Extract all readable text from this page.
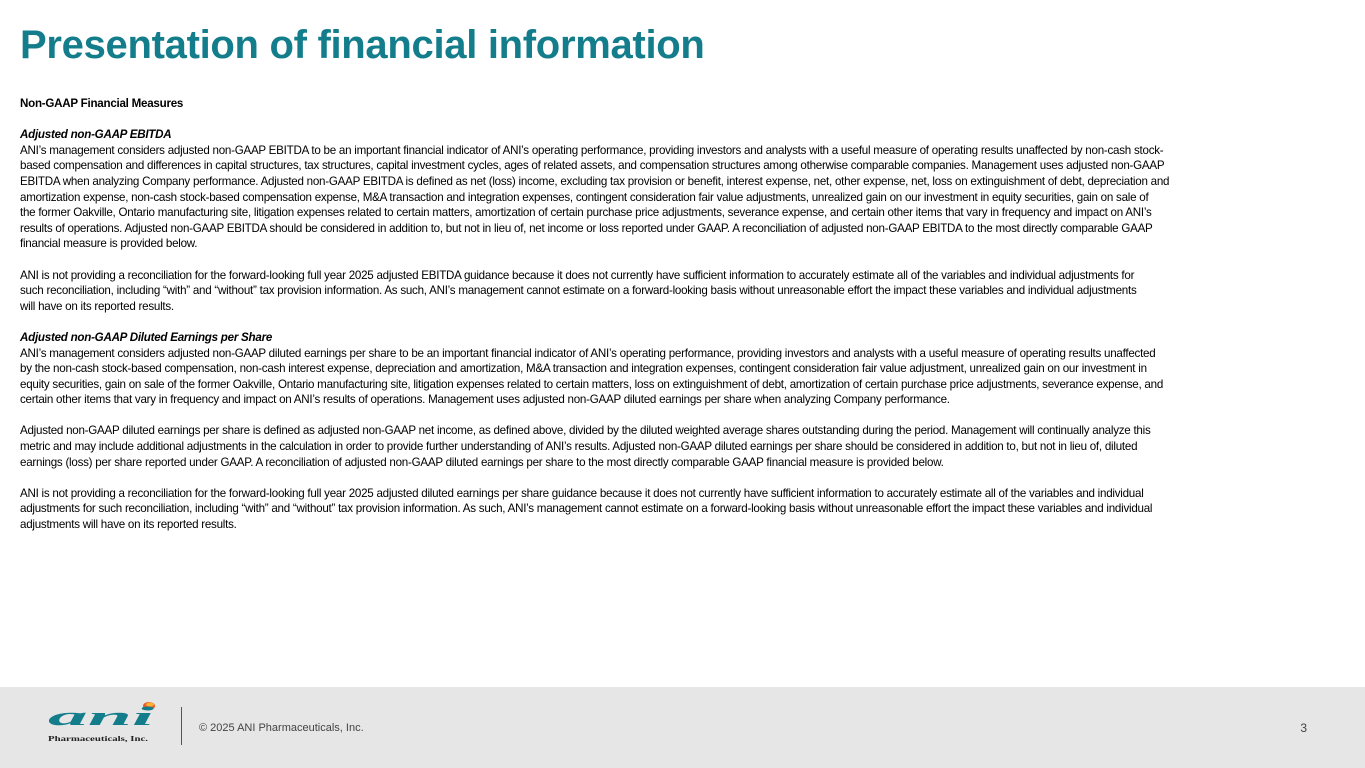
Presentation of financial information
Non-GAAP Financial Measures
Adjusted non-GAAP EBITDA
ANI’s management considers adjusted non-GAAP EBITDA to be an important financial indicator of ANI’s operating performance, providing investors and analysts with a useful measure of operating results unaffected by non-cash stock-
based compensation and differences in capital structures, tax structures, capital investment cycles, ages of related assets, and compensation structures among otherwise comparable companies. Management uses adjusted non-GAAP
EBITDA when analyzing Company performance. Adjusted non-GAAP EBITDA is defined as net (loss) income, excluding tax provision or benefit, interest expense, net, other expense, net, loss on extinguishment of debt, depreciation and
amortization expense, non-cash stock-based compensation expense, M&A transaction and integration expenses, contingent consideration fair value adjustments, unrealized gain on our investment in equity securities, gain on sale of
the former Oakville, Ontario manufacturing site, litigation expenses related to certain matters, amortization of certain purchase price adjustments, severance expense, and certain other items that vary in frequency and impact on ANI’s
results of operations. Adjusted non-GAAP EBITDA should be considered in addition to, but not in lieu of, net income or loss reported under GAAP. A reconciliation of adjusted non-GAAP EBITDA to the most directly comparable GAAP
financial measure is provided below.
ANI is not providing a reconciliation for the forward-looking full year 2025 adjusted EBITDA guidance because it does not currently have sufficient information to accurately estimate all of the variables and individual adjustments for
such reconciliation, including “with” and “without” tax provision information. As such, ANI’s management cannot estimate on a forward-looking basis without unreasonable effort the impact these variables and individual adjustments
will have on its reported results.
Adjusted non-GAAP Diluted Earnings per Share
ANI’s management considers adjusted non-GAAP diluted earnings per share to be an important financial indicator of ANI’s operating performance, providing investors and analysts with a useful measure of operating results unaffected
by the non-cash stock-based compensation, non-cash interest expense, depreciation and amortization, M&A transaction and integration expenses, contingent consideration fair value adjustment, unrealized gain on our investment in
equity securities, gain on sale of the former Oakville, Ontario manufacturing site, litigation expenses related to certain matters, loss on extinguishment of debt, amortization of certain purchase price adjustments, severance expense, and
certain other items that vary in frequency and impact on ANI’s results of operations. Management uses adjusted non-GAAP diluted earnings per share when analyzing Company performance.
Adjusted non-GAAP diluted earnings per share is defined as adjusted non-GAAP net income, as defined above, divided by the diluted weighted average shares outstanding during the period. Management will continually analyze this
metric and may include additional adjustments in the calculation in order to provide further understanding of ANI’s results. Adjusted non-GAAP diluted earnings per share should be considered in addition to, but not in lieu of, diluted
earnings (loss) per share reported under GAAP. A reconciliation of adjusted non-GAAP diluted earnings per share to the most directly comparable GAAP financial measure is provided below.
ANI is not providing a reconciliation for the forward-looking full year 2025 adjusted diluted earnings per share guidance because it does not currently have sufficient information to accurately estimate all of the variables and individual
adjustments for such reconciliation, including “with” and “without” tax provision information. As such, ANI’s management cannot estimate on a forward-looking basis without unreasonable effort the impact these variables and individual
adjustments will have on its reported results.
ani
Pharmaceuticals, Inc.
© 2025 ANI Pharmaceuticals, Inc.	3
